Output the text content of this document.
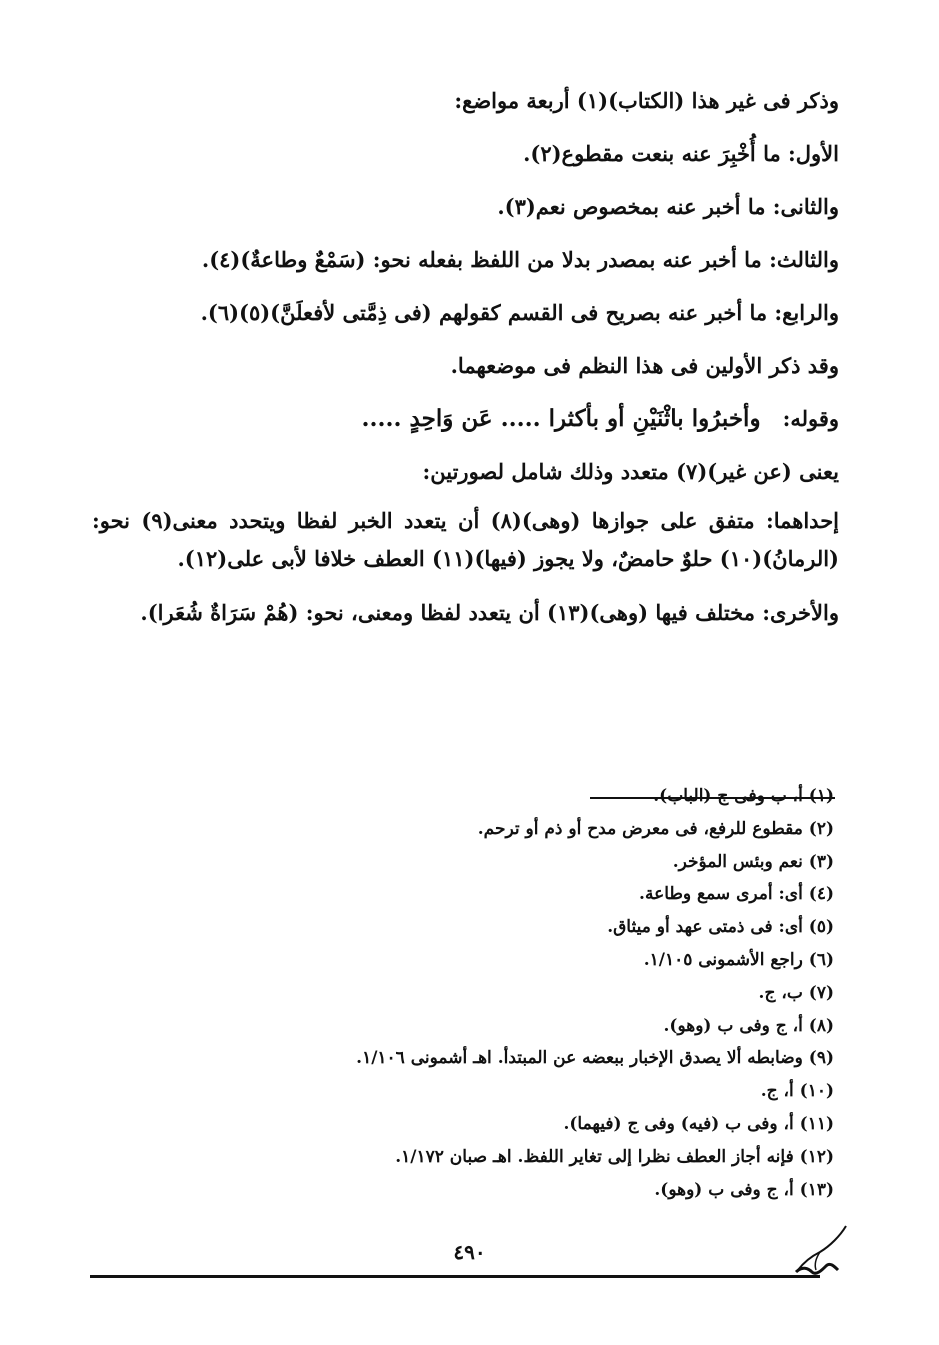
وذكر فى غير هذا (الكتاب)(١) أربعة مواضع:
الأول: ما أُخْبِرَ عنه بنعت مقطوع(٢).
والثانى: ما أخبر عنه بمخصوص نعم(٣).
والثالث: ما أخبر عنه بمصدر بدلا من اللفظ بفعله نحو: (سَمْعٌ وطاعةٌ)(٤).
والرابع: ما أخبر عنه بصريح فى القسم كقولهم (فى ذِمَّتى لأفعلَنَّ)(٥)(٦).
وقد ذكر الأولين فى هذا النظم فى موضعهما.
وقوله:وأخبرُوا باثْنَيْنِ أو بأكثرا ..... عَن وَاحِدٍ .....
يعنى (عن غير)(٧) متعدد وذلك شامل لصورتين:
إحداهما: متفق على جوازها (وهى)(٨) أن يتعدد الخبر لفظا ويتحدد معنى(٩) نحو: (الرمانُ)(١٠) حلوٌ حامضٌ، ولا يجوز (فيها)(١١) العطف خلافا لأبى على(١٢).
والأخرى: مختلف فيها (وهى)(١٣) أن يتعدد لفظا ومعنى، نحو: (هُمْ سَرَاةٌ شُعَرا).
(١) أ، ب وفى ج (الباب).
(٢) مقطوع للرفع، فى معرض مدح أو ذم أو ترحم.
(٣) نعم وبئس المؤخر.
(٤) أى: أمرى سمع وطاعة.
(٥) أى: فى ذمتى عهد أو ميثاق.
(٦) راجع الأشمونى ١/١٠٥.
(٧) ب، ج.
(٨) أ، ج وفى ب (وهو).
(٩) وضابطه ألا يصدق الإخبار ببعضه عن المبتدأ. اهـ أشمونى ١/١٠٦.
(١٠) أ، ج.
(١١) أ، وفى ب (فيه) وفى ج (فيهما).
(١٢) فإنه أجاز العطف نظرا إلى تغاير اللفظ. اهـ صبان ١/١٧٢.
(١٣) أ، ج وفى ب (وهو).
٤٩٠
